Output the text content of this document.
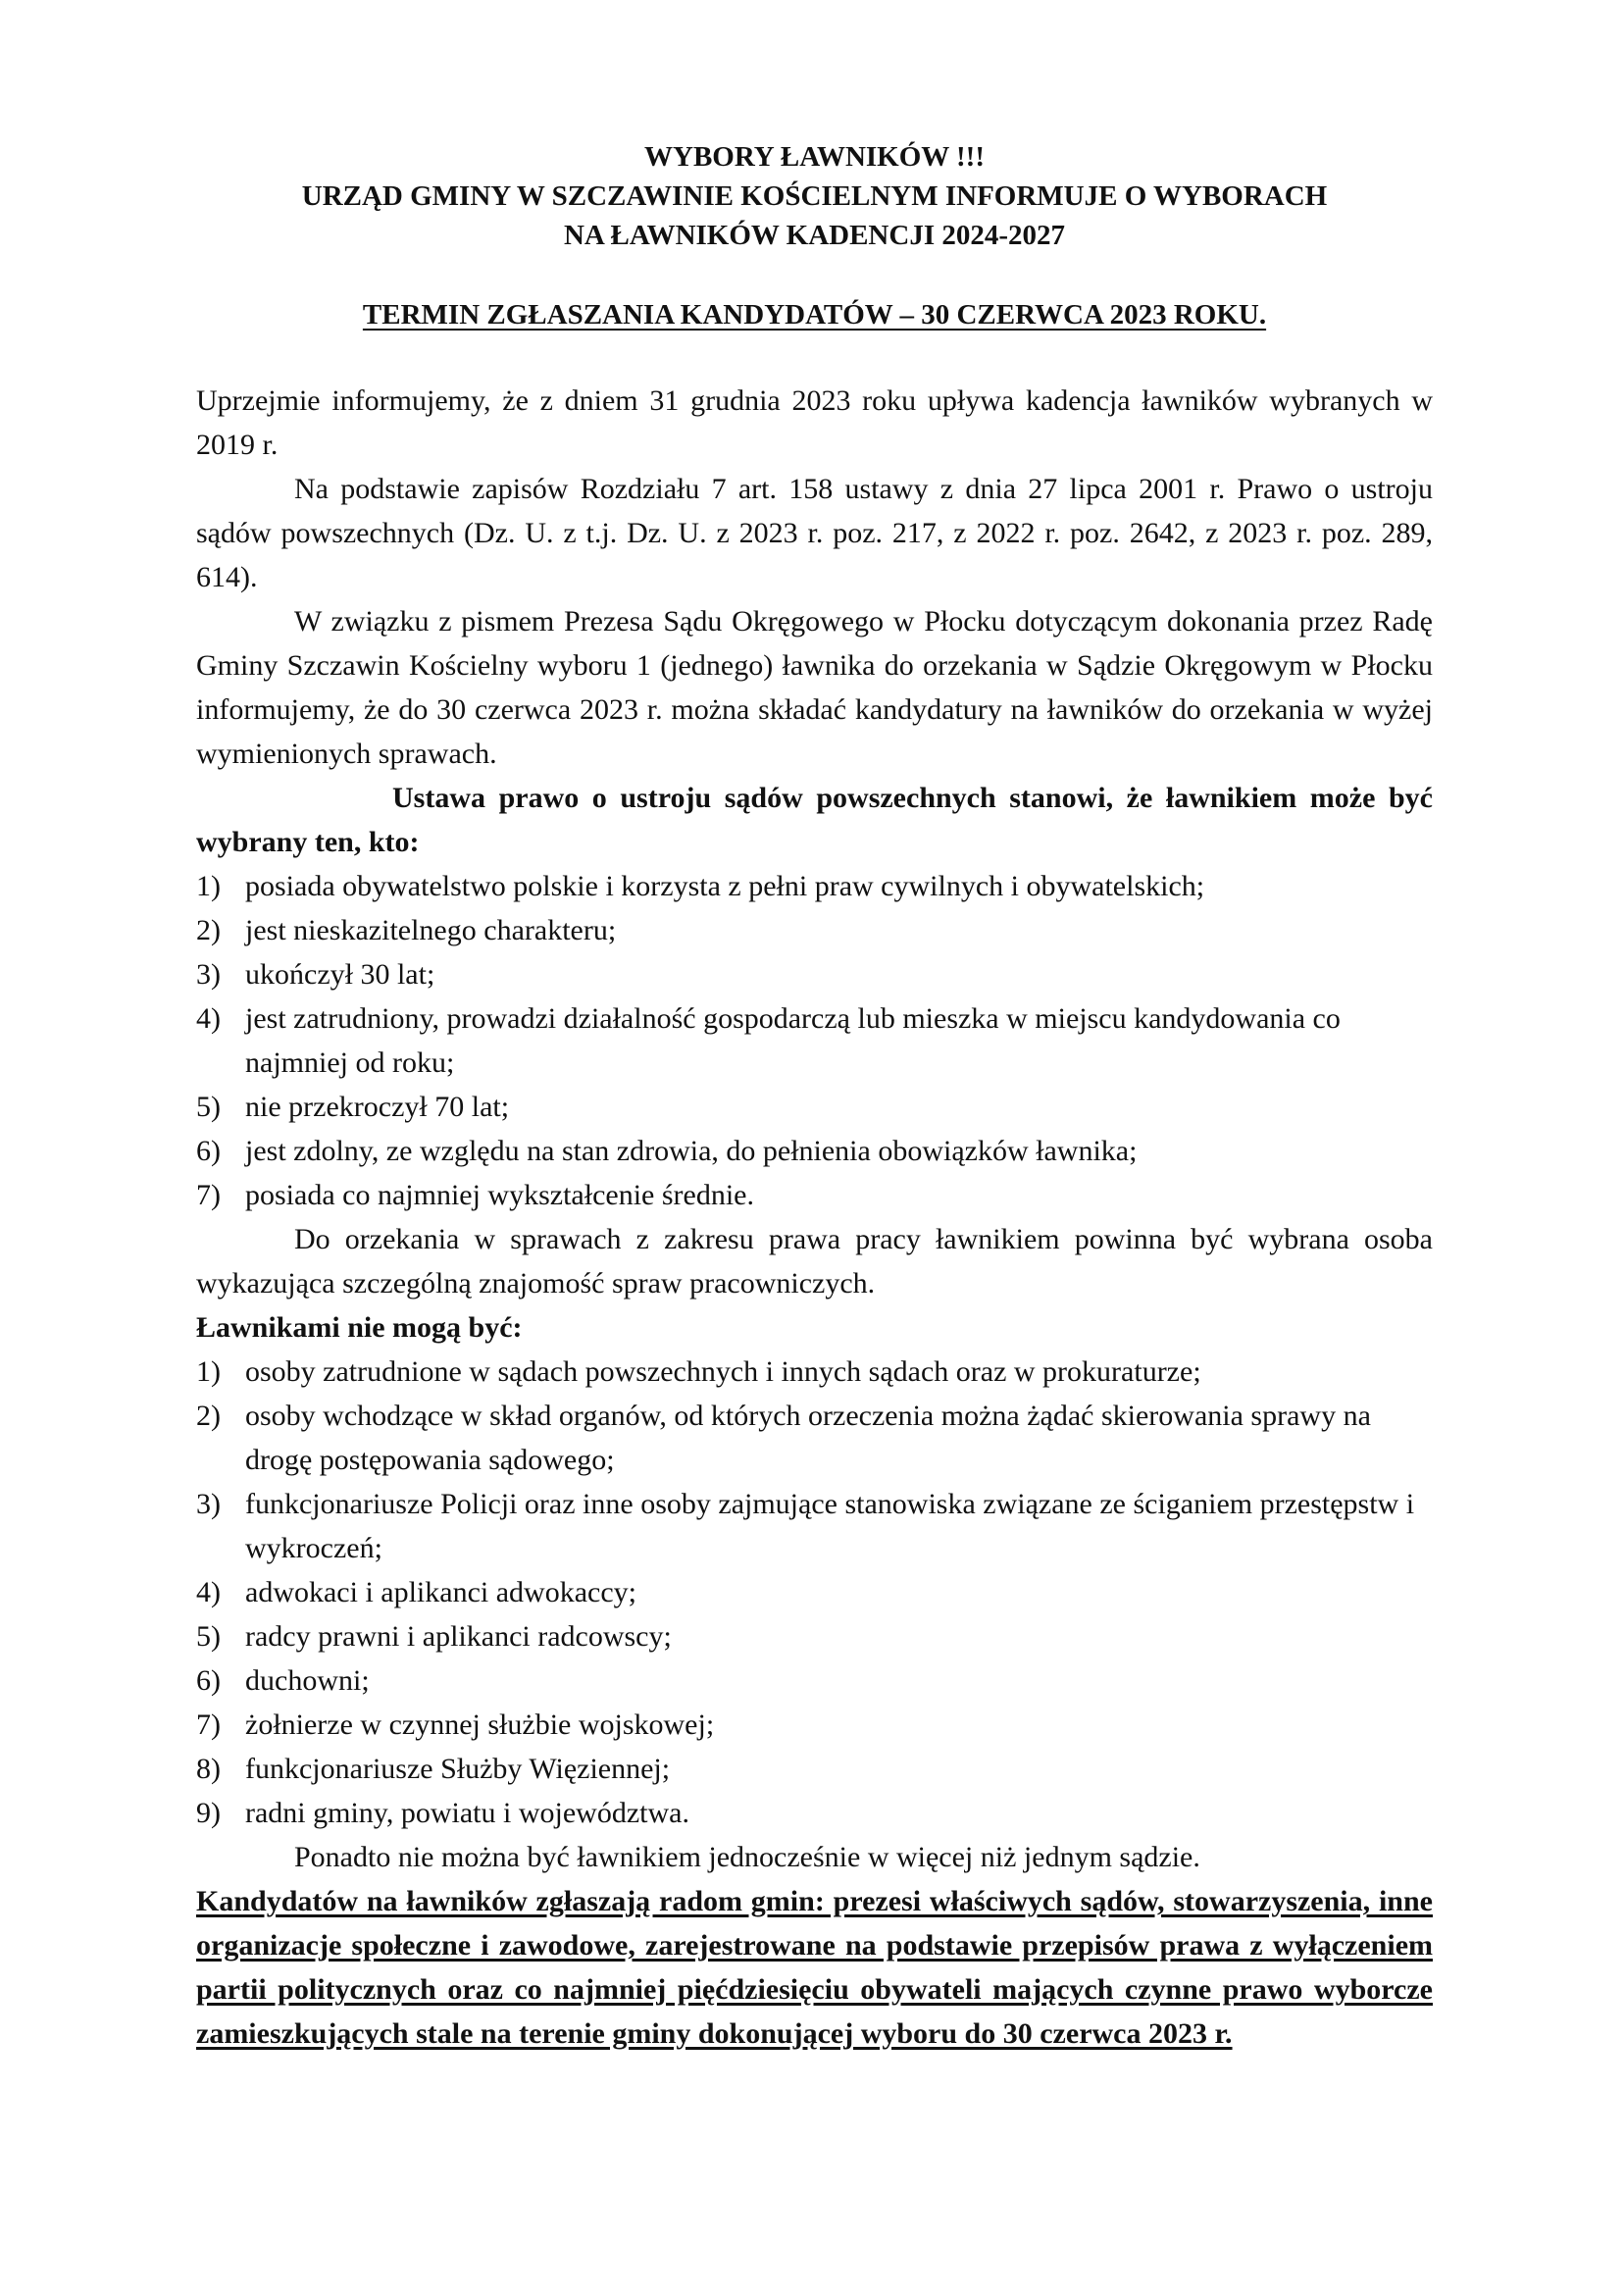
WYBORY ŁAWNIKÓW !!!
URZĄD GMINY W SZCZAWINIE KOŚCIELNYM INFORMUJE O WYBORACH
NA ŁAWNIKÓW KADENCJI 2024-2027
TERMIN ZGŁASZANIA KANDYDATÓW – 30 CZERWCA 2023 ROKU.

Uprzejmie informujemy, że z dniem 31 grudnia 2023 roku upływa kadencja ławników wybranych w 2019 r.

Na podstawie zapisów Rozdziału 7 art. 158 ustawy z dnia 27 lipca 2001 r. Prawo o ustroju sądów powszechnych (Dz. U. z t.j. Dz. U. z 2023 r. poz. 217, z 2022 r. poz. 2642, z 2023 r. poz. 289, 614).

W związku z pismem Prezesa Sądu Okręgowego w Płocku dotyczącym dokonania przez Radę Gminy Szczawin Kościelny wyboru 1 (jednego) ławnika do orzekania w Sądzie Okręgowym w Płocku informujemy, że do 30 czerwca 2023 r. można składać kandydatury na ławników do orzekania w wyżej wymienionych sprawach.

Ustawa prawo o ustroju sądów powszechnych stanowi, że ławnikiem może być wybrany ten, kto:

1) posiada obywatelstwo polskie i korzysta z pełni praw cywilnych i obywatelskich;
2) jest nieskazitelnego charakteru;
3) ukończył 30 lat;
4) jest zatrudniony, prowadzi działalność gospodarczą lub mieszka w miejscu kandydowania co najmniej od roku;
5) nie przekroczył 70 lat;
6) jest zdolny, ze względu na stan zdrowia, do pełnienia obowiązków ławnika;
7) posiada co najmniej wykształcenie średnie.

Do orzekania w sprawach z zakresu prawa pracy ławnikiem powinna być wybrana osoba wykazująca szczególną znajomość spraw pracowniczych.

Ławnikami nie mogą być:

1) osoby zatrudnione w sądach powszechnych i innych sądach oraz w prokuraturze;
2) osoby wchodzące w skład organów, od których orzeczenia można żądać skierowania sprawy na drogę postępowania sądowego;
3) funkcjonariusze Policji oraz inne osoby zajmujące stanowiska związane ze ściganiem przestępstw i wykroczeń;
4) adwokaci i aplikanci adwokaccy;
5) radcy prawni i aplikanci radcowscy;
6) duchowni;
7) żołnierze w czynnej służbie wojskowej;
8) funkcjonariusze Służby Więziennej;
9) radni gminy, powiatu i województwa.

Ponadto nie można być ławnikiem jednocześnie w więcej niż jednym sądzie.

Kandydatów na ławników zgłaszają radom gmin: prezesi właściwych sądów, stowarzyszenia, inne organizacje społeczne i zawodowe, zarejestrowane na podstawie przepisów prawa z wyłączeniem partii politycznych oraz co najmniej pięćdziesięciu obywateli mających czynne prawo wyborcze zamieszkujących stale na terenie gminy dokonującej wyboru do 30 czerwca 2023 r.
